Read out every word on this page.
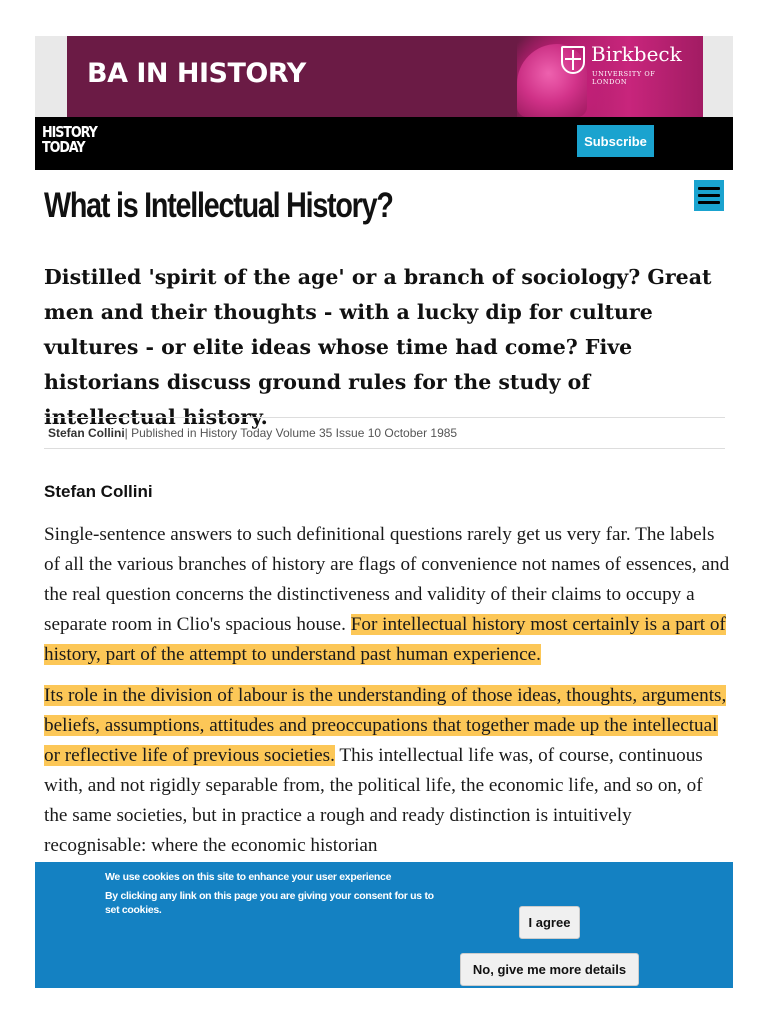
BA IN HISTORY
Birkbeck
UNIVERSITY OF LONDON
HISTORY
TODAY	Subscribe
What is Intellectual History?
Distilled 'spirit of the age' or a branch of sociology? Great men and their thoughts - with a lucky dip for culture vultures - or elite ideas whose time had come? Five historians discuss ground rules for the study of intellectual history.
Stefan Collini | Published in History Today Volume 35 Issue 10 October 1985
Stefan Collini

Single-sentence answers to such definitional questions rarely get us very far. The labels of all the various branches of history are flags of convenience not names of essences, and the real question concerns the distinctiveness and validity of their claims to occupy a separate room in Clio's spacious house. For intellectual history most certainly is a part of history, part of the attempt to understand past human experience.

Its role in the division of labour is the understanding of those ideas, thoughts, arguments, beliefs, assumptions, attitudes and preoccupations that together made up the intellectual or reflective life of previous societies. This intellectual life was, of course, continuous with, and not rigidly separable from, the political life, the economic life, and so on, of the same societies, but in practice a rough and ready distinction is intuitively recognisable: where the economic historian

We use cookies on this site to enhance your user experience
By clicking any link on this page you are giving your consent for us to set cookies.
I agree
No, give me more details
